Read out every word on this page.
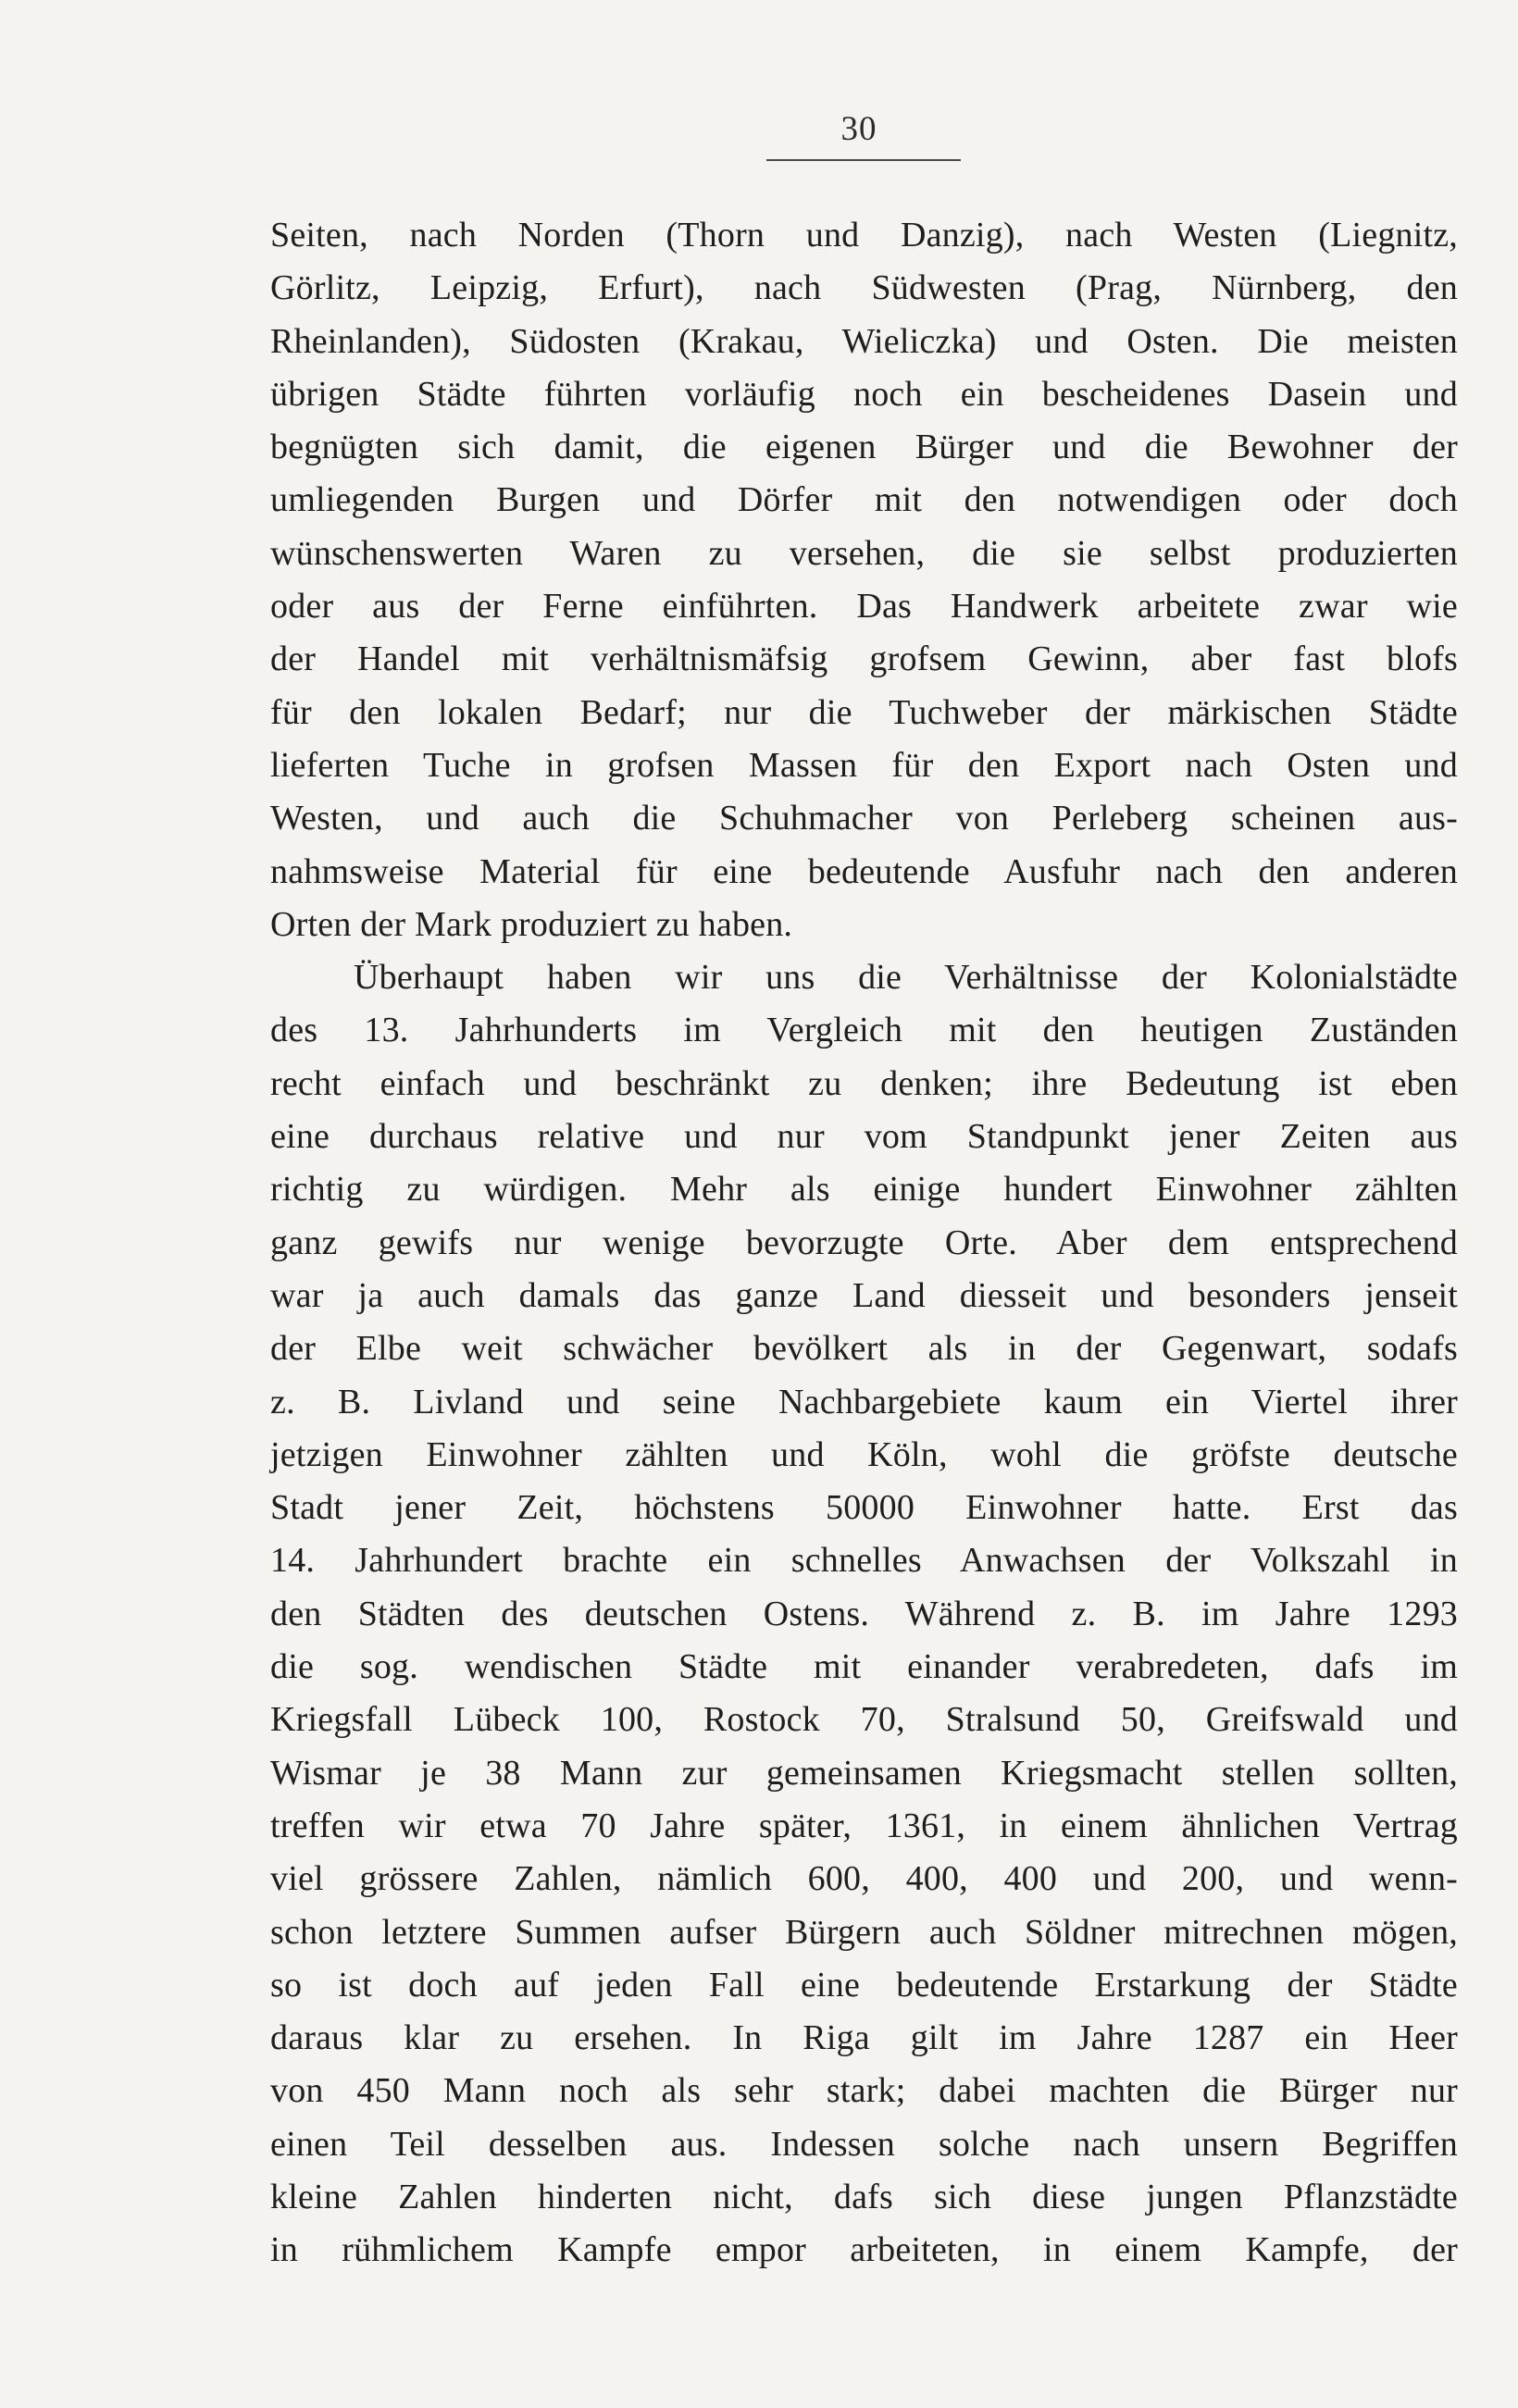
30
Seiten, nach Norden (Thorn und Danzig), nach Westen (Liegnitz,
Görlitz, Leipzig, Erfurt), nach Südwesten (Prag, Nürnberg, den
Rheinlanden), Südosten (Krakau, Wieliczka) und Osten. Die meisten
übrigen Städte führten vorläufig noch ein bescheidenes Dasein und
begnügten sich damit, die eigenen Bürger und die Bewohner der
umliegenden Burgen und Dörfer mit den notwendigen oder doch
wünschenswerten Waren zu versehen, die sie selbst produzierten
oder aus der Ferne einführten. Das Handwerk arbeitete zwar wie
der Handel mit verhältnismäfsig grofsem Gewinn, aber fast blofs
für den lokalen Bedarf; nur die Tuchweber der märkischen Städte
lieferten Tuche in grofsen Massen für den Export nach Osten und
Westen, und auch die Schuhmacher von Perleberg scheinen aus-
nahmsweise Material für eine bedeutende Ausfuhr nach den anderen
Orten der Mark produziert zu haben.
Überhaupt haben wir uns die Verhältnisse der Kolonialstädte
des 13. Jahrhunderts im Vergleich mit den heutigen Zuständen
recht einfach und beschränkt zu denken; ihre Bedeutung ist eben
eine durchaus relative und nur vom Standpunkt jener Zeiten aus
richtig zu würdigen. Mehr als einige hundert Einwohner zählten
ganz gewifs nur wenige bevorzugte Orte. Aber dem entsprechend
war ja auch damals das ganze Land diesseit und besonders jenseit
der Elbe weit schwächer bevölkert als in der Gegenwart, sodafs
z. B. Livland und seine Nachbargebiete kaum ein Viertel ihrer
jetzigen Einwohner zählten und Köln, wohl die gröfste deutsche
Stadt jener Zeit, höchstens 50000 Einwohner hatte. Erst das
14. Jahrhundert brachte ein schnelles Anwachsen der Volkszahl in
den Städten des deutschen Ostens. Während z. B. im Jahre 1293
die sog. wendischen Städte mit einander verabredeten, dafs im
Kriegsfall Lübeck 100, Rostock 70, Stralsund 50, Greifswald und
Wismar je 38 Mann zur gemeinsamen Kriegsmacht stellen sollten,
treffen wir etwa 70 Jahre später, 1361, in einem ähnlichen Vertrag
viel grössere Zahlen, nämlich 600, 400, 400 und 200, und wenn-
schon letztere Summen aufser Bürgern auch Söldner mitrechnen mögen,
so ist doch auf jeden Fall eine bedeutende Erstarkung der Städte
daraus klar zu ersehen. In Riga gilt im Jahre 1287 ein Heer
von 450 Mann noch als sehr stark; dabei machten die Bürger nur
einen Teil desselben aus. Indessen solche nach unsern Begriffen
kleine Zahlen hinderten nicht, dafs sich diese jungen Pflanzstädte
in rühmlichem Kampfe empor arbeiteten, in einem Kampfe, der
